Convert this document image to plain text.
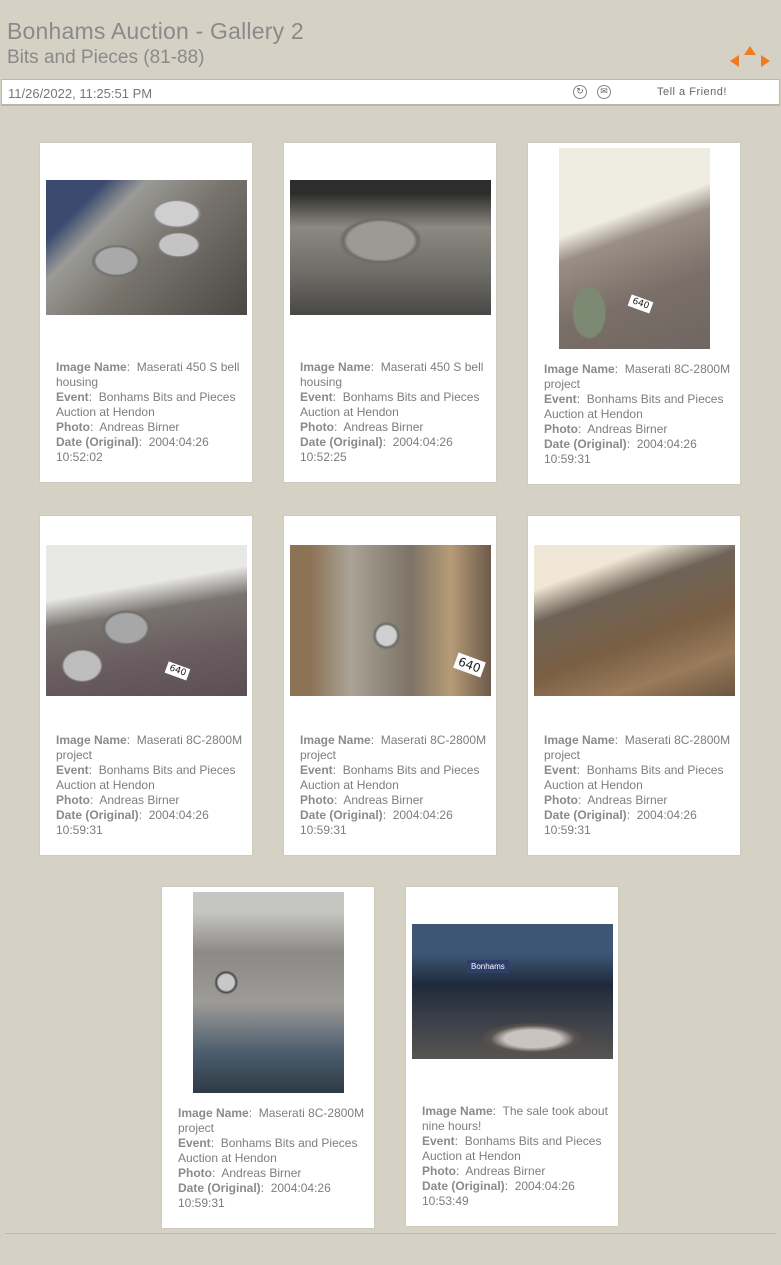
Bonhams Auction - Gallery 2
Bits and Pieces (81-88)
11/26/2022, 11:25:51 PM	↻	✉	Tell a Friend!
Image Name:  Maserati 450 S bell housing
Event:  Bonhams Bits and Pieces Auction at Hendon
Photo:  Andreas Birner
Date (Original):  2004:04:26 10:52:02
Image Name:  Maserati 450 S bell housing
Event:  Bonhams Bits and Pieces Auction at Hendon
Photo:  Andreas Birner
Date (Original):  2004:04:26 10:52:25
640
Image Name:  Maserati 8C-2800M project
Event:  Bonhams Bits and Pieces Auction at Hendon
Photo:  Andreas Birner
Date (Original):  2004:04:26 10:59:31
640
Image Name:  Maserati 8C-2800M project
Event:  Bonhams Bits and Pieces Auction at Hendon
Photo:  Andreas Birner
Date (Original):  2004:04:26 10:59:31
640
Image Name:  Maserati 8C-2800M project
Event:  Bonhams Bits and Pieces Auction at Hendon
Photo:  Andreas Birner
Date (Original):  2004:04:26 10:59:31
Image Name:  Maserati 8C-2800M project
Event:  Bonhams Bits and Pieces Auction at Hendon
Photo:  Andreas Birner
Date (Original):  2004:04:26 10:59:31
Image Name:  Maserati 8C-2800M project
Event:  Bonhams Bits and Pieces Auction at Hendon
Photo:  Andreas Birner
Date (Original):  2004:04:26 10:59:31
Bonhams
Image Name:  The sale took about nine hours!
Event:  Bonhams Bits and Pieces Auction at Hendon
Photo:  Andreas Birner
Date (Original):  2004:04:26 10:53:49
